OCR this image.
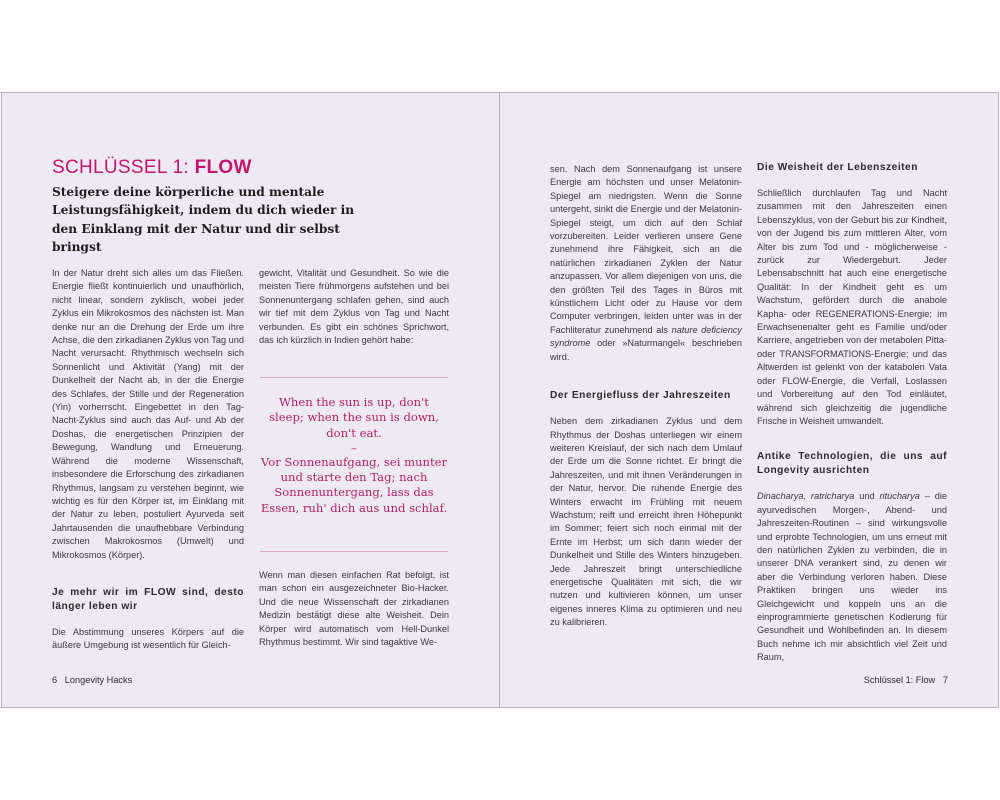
SCHLÜSSEL 1: FLOW
Steigere deine körperliche und mentale Leistungsfähigkeit, indem du dich wieder in den Einklang mit der Natur und dir selbst bringst

In der Natur dreht sich alles um das Fließen. Energie fließt kontinuierlich und unaufhörlich, nicht linear, sondern zyklisch, wobei jeder Zyklus ein Mikrokosmos des nächsten ist. Man denke nur an die Drehung der Erde um ihre Achse, die den zirkadianen Zyklus von Tag und Nacht verursacht. Rhythmisch wechseln sich Sonnenlicht und Aktivität (Yang) mit der Dunkelheit der Nacht ab, in der die Energie des Schlafes, der Stille und der Regeneration (Yin) vorherrscht. Eingebettet in den Tag-Nacht-Zyklus sind auch das Auf- und Ab der Doshas, die energetischen Prinzipien der Bewegung, Wandlung und Erneuerung. Während die moderne Wissenschaft, insbesondere die Erforschung des zirkadianen Rhythmus, langsam zu verstehen beginnt, wie wichtig es für den Körper ist, im Einklang mit der Natur zu leben, postuliert Ayurveda seit Jahrtausenden die unaufhebbare Verbindung zwischen Makrokosmos (Umwelt) und Mikrokosmos (Körper).

Je mehr wir im FLOW sind, desto länger leben wir

Die Abstimmung unseres Körpers auf die äußere Umgebung ist wesentlich für Gleich-

gewicht, Vitalität und Gesundheit. So wie die meisten Tiere frühmorgens aufstehen und bei Sonnenuntergang schlafen gehen, sind auch wir tief mit dem Zyklus von Tag und Nacht verbunden. Es gibt ein schönes Sprichwort, das ich kürzlich in Indien gehört habe:

When the sun is up, don't sleep; when the sun is down, don't eat.
–
Vor Sonnenaufgang, sei munter und starte den Tag; nach Sonnenuntergang, lass das Essen, ruh' dich aus und schlaf.

Wenn man diesen einfachen Rat befolgt, ist man schon ein ausgezeichneter Bio-Hacker. Und die neue Wissenschaft der zirkadianen Medizin bestätigt diese alte Weisheit. Dein Körper wird automatisch vom Hell-Dunkel Rhythmus bestimmt. Wir sind tagaktive We-

6 Longevity Hacks

sen. Nach dem Sonnenaufgang ist unsere Energie am höchsten und unser Melatonin-Spiegel am niedrigsten. Wenn die Sonne untergeht, sinkt die Energie und der Melatonin-Spiegel steigt, um dich auf den Schlaf vorzubereiten. Leider verlieren unsere Gene zunehmend ihre Fähigkeit, sich an die natürlichen zirkadianen Zyklen der Natur anzupassen. Vor allem diejenigen von uns, die den größten Teil des Tages in Büros mit künstlichem Licht oder zu Hause vor dem Computer verbringen, leiden unter was in der Fachliteratur zunehmend als nature deficiency syndrome oder »Naturmangel« beschrieben wird.

Der Energiefluss der Jahreszeiten

Neben dem zirkadianen Zyklus und dem Rhythmus der Doshas unterliegen wir einem weiteren Kreislauf, der sich nach dem Umlauf der Erde um die Sonne richtet. Er bringt die Jahreszeiten, und mit ihnen Veränderungen in der Natur, hervor. Die ruhende Energie des Winters erwacht im Frühling mit neuem Wachstum; reift und erreicht ihren Höhepunkt im Sommer; feiert sich noch einmal mit der Ernte im Herbst; um sich dann wieder der Dunkelheit und Stille des Winters hinzugeben. Jede Jahreszeit bringt unterschiedliche energetische Qualitäten mit sich, die wir nutzen und kultivieren können, um unser eigenes inneres Klima zu optimieren und neu zu kalibrieren.

Die Weisheit der Lebenszeiten

Schließlich durchlaufen Tag und Nacht zusammen mit den Jahreszeiten einen Lebenszyklus, von der Geburt bis zur Kindheit, von der Jugend bis zum mittleren Alter, vom Alter bis zum Tod und - möglicherweise - zurück zur Wiedergeburt. Jeder Lebensabschnitt hat auch eine energetische Qualität: In der Kindheit geht es um Wachstum, gefördert durch die anabole Kapha- oder REGENERATIONS-Energie; im Erwachsenenalter geht es Familie und/oder Karriere, angetrieben von der metabolen Pitta- oder TRANSFORMATIONS-Energie; und das Altwerden ist gelenkt von der katabolen Vata oder FLOW-Energie, die Verfall, Loslassen und Vorbereitung auf den Tod einläutet, während sich gleichzeitig die jugendliche Frische in Weisheit umwandelt.

Antike Technologien, die uns auf Longevity ausrichten

Dinacharya, ratricharya und ritucharya – die ayurvedischen Morgen-, Abend- und Jahreszeiten-Routinen – sind wirkungsvolle und erprobte Technologien, um uns erneut mit den natürlichen Zyklen zu verbinden, die in unserer DNA verankert sind, zu denen wir aber die Verbindung verloren haben. Diese Praktiken bringen uns wieder ins Gleichgewicht und koppeln uns an die einprogrammierte genetischen Kodierung für Gesundheit und Wohlbefinden an. In diesem Buch nehme ich mir absichtlich viel Zeit und Raum,

Schlüssel 1: Flow 7
